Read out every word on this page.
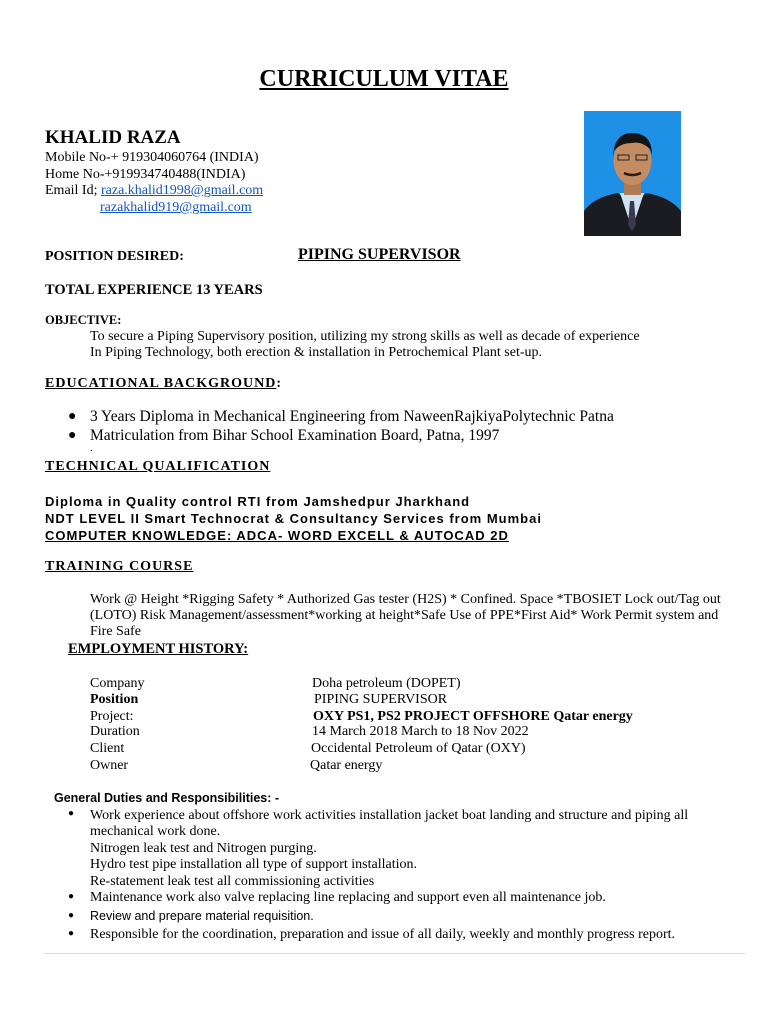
CURRICULUM VITAE
KHALID RAZA
Mobile No-+ 919304060764 (INDIA)
Home No-+919934740488(INDIA)
Email Id; raza.khalid1998@gmail.com
razakhalid919@gmail.com
POSITION DESIRED:	PIPING SUPERVISOR
TOTAL EXPERIENCE 13 YEARS
OBJECTIVE:
To secure a Piping Supervisory position, utilizing my strong skills as well as decade of experience
In Piping Technology, both erection & installation in Petrochemical Plant set-up.
EDUCATIONAL BACKGROUND:
● 3 Years Diploma in Mechanical Engineering from NaweenRajkiyaPolytechnic Patna
● Matriculation from Bihar School Examination Board, Patna, 1997
.
TECHNICAL QUALIFICATION
Diploma in Quality control RTI from Jamshedpur Jharkhand
NDT LEVEL II Smart Technocrat & Consultancy Services from Mumbai
COMPUTER KNOWLEDGE: ADCA- WORD EXCELL & AUTOCAD 2D
TRAINING COURSE
Work @ Height *Rigging Safety * Authorized Gas tester (H2S) * Confined. Space *TBOSIET Lock out/Tag out
(LOTO) Risk Management/assessment*working at height*Safe Use of PPE*First Aid* Work Permit system and
Fire Safe
EMPLOYMENT HISTORY:
Company	Doha petroleum (DOPET)
Position	PIPING SUPERVISOR
Project:	OXY PS1, PS2 PROJECT OFFSHORE Qatar energy
Duration	14 March 2018 March to 18 Nov 2022
Client	Occidental Petroleum of Qatar (OXY)
Owner	Qatar energy
General Duties and Responsibilities: -
● Work experience about offshore work activities installation jacket boat landing and structure and piping all
mechanical work done.
Nitrogen leak test and Nitrogen purging.
Hydro test pipe installation all type of support installation.
Re-statement leak test all commissioning activities
● Maintenance work also valve replacing line replacing and support even all maintenance job.
● Review and prepare material requisition.
● Responsible for the coordination, preparation and issue of all daily, weekly and monthly progress report.
